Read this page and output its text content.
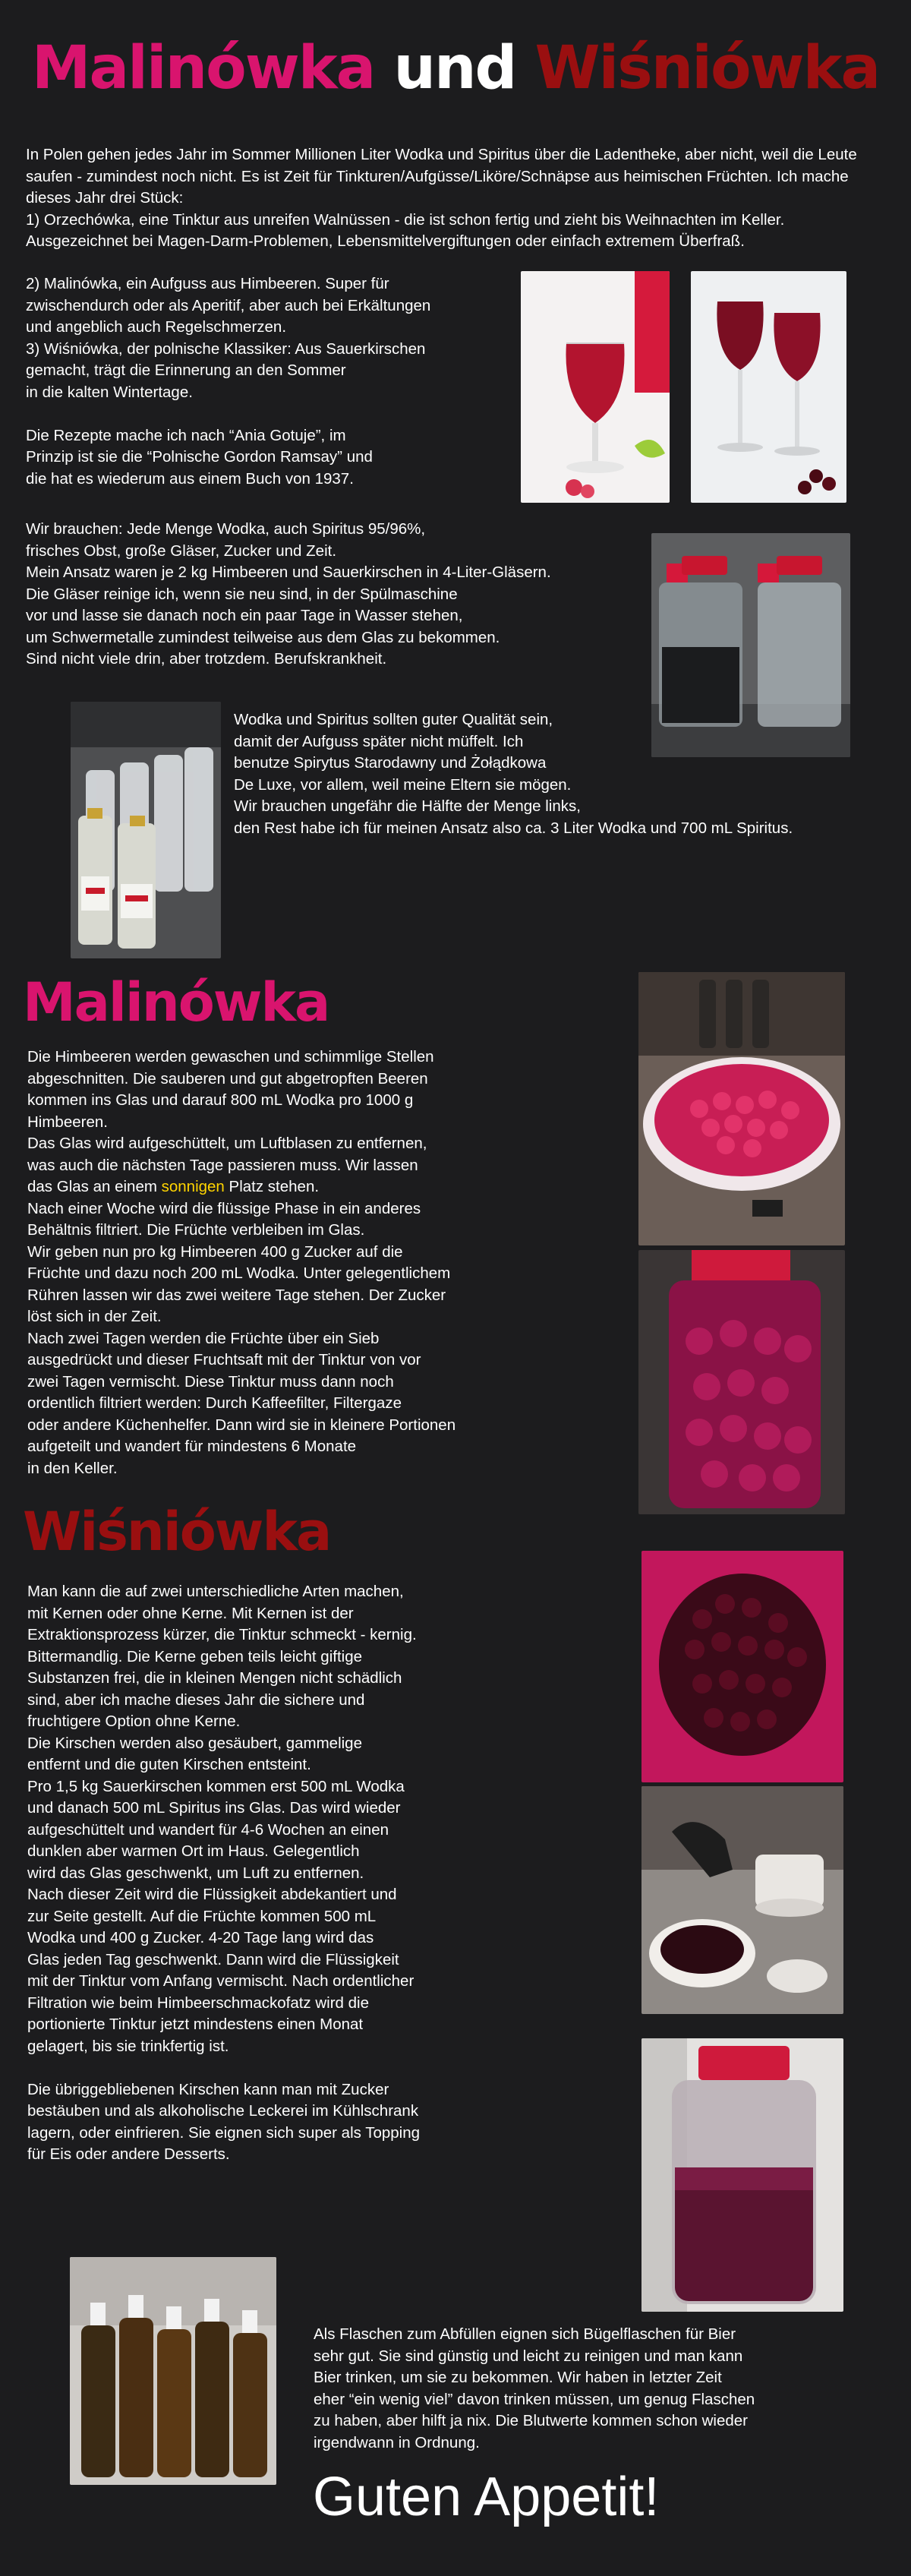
Malinówka und Wiśniówka
In Polen gehen jedes Jahr im Sommer Millionen Liter Wodka und Spiritus über die Ladentheke, aber nicht, weil die Leute saufen - zumindest noch nicht. Es ist Zeit für Tinkturen/Aufgüsse/Liköre/Schnäpse aus heimischen Früchten. Ich mache dieses Jahr drei Stück:
1) Orzechówka, eine Tinktur aus unreifen Walnüssen - die ist schon fertig und zieht bis Weihnachten im Keller. Ausgezeichnet bei Magen-Darm-Problemen, Lebensmittelvergiftungen oder einfach extremem Überfraß.
2) Malinówka, ein Aufguss aus Himbeeren. Super für
zwischendurch oder als Aperitif, aber auch bei Erkältungen
und angeblich auch Regelschmerzen.
3) Wiśniówka, der polnische Klassiker: Aus Sauerkirschen
gemacht, trägt die Erinnerung an den Sommer
in die kalten Wintertage.

Die Rezepte mache ich nach “Ania Gotuje”, im
Prinzip ist sie die “Polnische Gordon Ramsay” und
die hat es wiederum aus einem Buch von 1937.
Wir brauchen: Jede Menge Wodka, auch Spiritus 95/96%,
frisches Obst, große Gläser, Zucker und Zeit.
Mein Ansatz waren je 2 kg Himbeeren und Sauerkirschen in 4-Liter-Gläsern.
Die Gläser reinige ich, wenn sie neu sind, in der Spülmaschine
vor und lasse sie danach noch ein paar Tage in Wasser stehen,
um Schwermetalle zumindest teilweise aus dem Glas zu bekommen.
Sind nicht viele drin, aber trotzdem. Berufskrankheit.
Wodka und Spiritus sollten guter Qualität sein,
damit der Aufguss später nicht müffelt. Ich
benutze Spirytus Starodawny und Żołądkowa
De Luxe, vor allem, weil meine Eltern sie mögen.
Wir brauchen ungefähr die Hälfte der Menge links,
den Rest habe ich für meinen Ansatz also ca. 3 Liter Wodka und 700 mL Spiritus.
Malinówka
Die Himbeeren werden gewaschen und schimmlige Stellen
abgeschnitten. Die sauberen und gut abgetropften Beeren
kommen ins Glas und darauf 800 mL Wodka pro 1000 g
Himbeeren.
Das Glas wird aufgeschüttelt, um Luftblasen zu entfernen,
was auch die nächsten Tage passieren muss. Wir lassen
das Glas an einem sonnigen Platz stehen.
Nach einer Woche wird die flüssige Phase in ein anderes
Behältnis filtriert. Die Früchte verbleiben im Glas.
Wir geben nun pro kg Himbeeren 400 g Zucker auf die
Früchte und dazu noch 200 mL Wodka. Unter gelegentlichem
Rühren lassen wir das zwei weitere Tage stehen. Der Zucker
löst sich in der Zeit.
Nach zwei Tagen werden die Früchte über ein Sieb
ausgedrückt und dieser Fruchtsaft mit der Tinktur von vor
zwei Tagen vermischt. Diese Tinktur muss dann noch
ordentlich filtriert werden: Durch Kaffeefilter, Filtergaze
oder andere Küchenhelfer. Dann wird sie in kleinere Portionen
aufgeteilt und wandert für mindestens 6 Monate
in den Keller.
Wiśniówka
Man kann die auf zwei unterschiedliche Arten machen,
mit Kernen oder ohne Kerne. Mit Kernen ist der
Extraktionsprozess kürzer, die Tinktur schmeckt - kernig.
Bittermandlig. Die Kerne geben teils leicht giftige
Substanzen frei, die in kleinen Mengen nicht schädlich
sind, aber ich mache dieses Jahr die sichere und
fruchtigere Option ohne Kerne.
Die Kirschen werden also gesäubert, gammelige
entfernt und die guten Kirschen entsteint.
Pro 1,5 kg Sauerkirschen kommen erst 500 mL Wodka
und danach 500 mL Spiritus ins Glas. Das wird wieder
aufgeschüttelt und wandert für 4-6 Wochen an einen
dunklen aber warmen Ort im Haus. Gelegentlich
wird das Glas geschwenkt, um Luft zu entfernen.
Nach dieser Zeit wird die Flüssigkeit abdekantiert und
zur Seite gestellt. Auf die Früchte kommen 500 mL
Wodka und 400 g Zucker. 4-20 Tage lang wird das
Glas jeden Tag geschwenkt. Dann wird die Flüssigkeit
mit der Tinktur vom Anfang vermischt. Nach ordentlicher
Filtration wie beim Himbeerschmackofatz wird die
portionierte Tinktur jetzt mindestens einen Monat
gelagert, bis sie trinkfertig ist.

Die übriggebliebenen Kirschen kann man mit Zucker
bestäuben und als alkoholische Leckerei im Kühlschrank
lagern, oder einfrieren. Sie eignen sich super als Topping
für Eis oder andere Desserts.
Als Flaschen zum Abfüllen eignen sich Bügelflaschen für Bier
sehr gut. Sie sind günstig und leicht zu reinigen und man kann
Bier trinken, um sie zu bekommen. Wir haben in letzter Zeit
eher “ein wenig viel” davon trinken müssen, um genug Flaschen
zu haben, aber hilft ja nix. Die Blutwerte kommen schon wieder
irgendwann in Ordnung.
Guten Appetit!
